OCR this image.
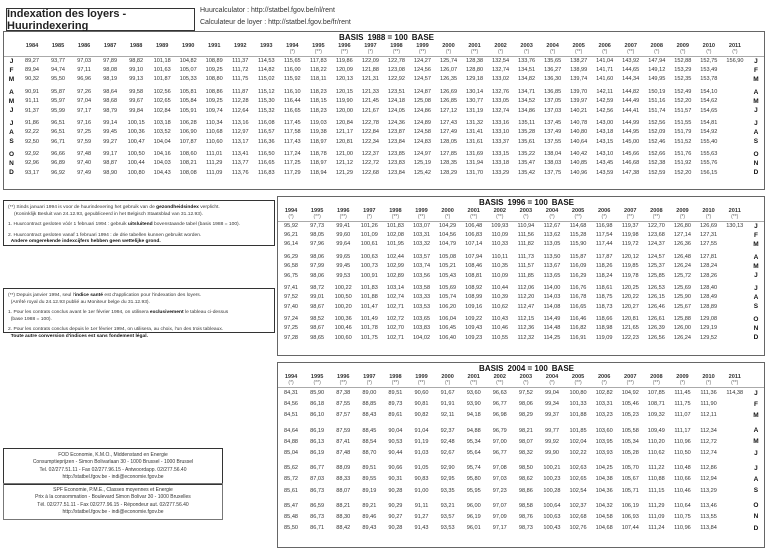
Indexation des loyers - Huurindexering
Huurcalculator : http://statbel.fgov.be/nl/rent
Calculateur de loyer : http://statbel.fgov.be/fr/rent
BASIS 1988 = 100 BASE																													
	1984	1985	1986	1987	1988	1989	1990	1991	1992	1993	1994	1995	1996	1997	1998	1999	2000	2001	2002	2003	2004	2005	2006	2007	2008	2009	2010	2011	
											(*)	(**)	(**)	(*)	(**)	(**)	(*)	(**)	(*)	(*)	(*)	(**)	(*)	(**)	(*)	(*)	(*)	(*)	

J	89,27	93,77	97,03	97,89	98,82	101,18	104,82	108,89	111,37	114,53	115,65	117,83	119,86	122,09	122,78	124,27	125,74	128,38	132,54	133,76	135,65	138,27	141,04	143,92	147,94	152,88	152,75	156,90	J
F	89,94	94,74	97,11	98,08	99,10	101,63	105,07	109,25	111,72	114,82	116,00	118,22	120,09	121,88	123,08	124,56	126,07	128,80	132,74	134,51	136,27	138,99	141,71	144,65	149,12	153,29	153,49		F
M	90,32	95,50	96,96	98,19	99,13	101,87	105,33	108,80	111,75	115,02	115,92	118,11	120,13	121,31	122,92	124,57	126,35	129,18	133,02	134,82	136,30	139,74	141,60	144,34	149,95	152,35	153,78		M

A	90,91	95,87	97,26	98,64	99,58	102,56	105,81	108,86	111,87	115,12	116,10	118,23	120,15	121,33	123,51	124,87	126,69	130,14	132,76	134,71	136,85	139,70	142,11	144,82	150,19	152,49	154,10		A
M	91,11	95,97	97,04	98,68	99,67	102,65	105,84	109,25	112,28	115,30	116,44	118,15	119,90	121,45	124,18	125,08	126,85	130,77	133,05	134,52	137,05	139,97	142,59	144,49	151,16	152,20	154,62		M
J	91,37	95,99	97,17	98,79	99,84	102,84	105,91	109,74	112,64	115,32	116,65	118,23	120,00	121,67	124,05	124,86	127,12	131,19	132,74	134,86	137,03	140,21	142,56	144,41	151,74	151,57	154,65		J

J	91,86	96,51	97,16	99,14	100,15	103,18	106,28	110,34	113,16	116,08	117,45	119,03	120,84	122,78	124,36	124,89	127,43	131,32	133,16	135,11	137,45	140,78	143,00	144,99	152,56	151,55	154,81		J
A	92,22	96,51	97,25	99,45	100,36	103,52	106,90	110,68	112,97	116,57	117,58	119,38	121,17	122,84	123,87	124,58	127,49	131,41	133,10	135,28	137,49	140,80	143,18	144,95	152,09	151,79	154,92		A
S	92,50	96,71	97,59	99,27	100,47	104,04	107,87	110,60	113,17	116,36	117,43	118,97	120,81	122,34	123,84	124,83	128,05	131,61	133,37	135,61	137,55	140,64	143,15	145,00	152,46	151,52	155,40		S

O	92,92	96,66	97,48	99,17	100,50	104,16	108,60	111,01	113,41	116,50	117,24	118,78	121,00	122,37	123,85	124,97	127,85	131,69	133,15	135,22	138,04	140,42	143,10	145,66	152,66	151,76	155,63		O
N	92,96	96,89	97,40	98,87	100,44	104,03	108,21	111,29	113,77	116,65	117,25	118,97	121,12	122,72	123,83	125,19	128,35	131,94	133,18	135,47	138,03	140,85	143,45	146,68	152,38	151,92	155,76		N
D	93,17	96,92	97,49	98,90	100,80	104,43	108,08	111,09	113,76	116,83	117,29	118,94	121,29	122,68	123,84	125,42	128,29	131,70	133,29	135,42	137,75	140,96	143,59	147,38	152,59	152,20	156,15		D
BASIS 1996 = 100 BASE																		
1994	1995	1996	1997	1998	1999	2000	2001	2002	2003	2004	2005	2006	2007	2008	2009	2010	2011	
(*)	(**)	(**)	(*)	(**)	(**)	(*)	(**)	(**)	(*)	(*)	(**)	(*)	(**)	(**)	(*)	(*)	(**)	

95,92	97,73	99,41	101,26	101,83	103,07	104,29	106,48	109,93	110,94	112,67	114,68	116,98	119,37	122,70	126,80	126,69	130,13	J
96,21	98,05	99,60	101,09	102,08	103,31	104,56	106,83	110,09	111,56	113,62	115,28	117,54	119,98	123,68	127,14	127,31		F
96,14	97,96	99,64	100,61	101,95	103,32	104,79	107,14	110,33	111,82	113,05	115,90	117,44	119,72	124,37	126,36	127,55		M

96,29	98,06	99,65	100,63	102,44	103,57	105,08	107,94	110,11	111,73	113,50	115,87	117,87	120,12	124,57	126,48	127,81		A
96,58	97,99	99,45	100,73	102,99	103,74	105,21	108,46	110,35	111,57	113,67	116,09	118,26	119,85	125,37	126,24	128,24		M
96,75	98,06	99,53	100,91	102,89	103,56	105,43	108,81	110,09	111,85	113,65	116,29	118,24	119,78	125,85	125,72	128,26		J

97,41	98,72	100,22	101,83	103,14	103,58	105,69	108,92	110,44	112,06	114,00	116,76	118,61	120,25	126,53	125,69	128,40		J
97,52	99,01	100,50	101,88	102,74	103,33	105,74	108,99	110,39	112,20	114,03	116,78	118,75	120,22	126,15	125,90	128,49		A
97,40	98,67	100,20	101,47	102,71	103,53	106,20	109,16	110,62	112,47	114,08	116,65	118,73	120,27	126,46	125,67	128,89		S

97,24	98,52	100,36	101,49	102,72	103,65	106,04	109,22	110,43	112,15	114,49	116,46	118,66	120,81	126,61	125,88	129,08		O
97,25	98,67	100,46	101,78	102,70	103,83	106,45	109,43	110,46	112,36	114,48	116,82	118,98	121,65	126,39	126,00	129,19		N
97,28	98,65	100,60	101,75	102,71	104,02	106,40	109,23	110,55	112,32	114,25	116,91	119,09	122,23	126,56	126,24	129,52		D
BASIS 2004 = 100 BASE																		
1994	1995	1996	1997	1998	1999	2000	2001	2002	2003	2004	2005	2006	2007	2008	2009	2010	2011	
(*)	(**)	(**)	(*)	(**)	(**)	(*)	(**)	(**)	(*)	(*)	(**)	(*)	(**)	(**)	(*)	(*)	(**)	

84,31	85,90	87,38	89,00	89,51	90,60	91,67	93,60	96,63	97,52	99,04	100,80	102,82	104,92	107,85	111,45	111,36	114,38	J
84,56	86,18	87,55	88,85	89,73	90,81	91,91	93,90	96,77	98,06	99,34	101,33	103,31	105,46	108,71	111,75	111,90		F
84,51	86,10	87,57	88,43	89,61	90,82	92,11	94,18	96,98	98,29	99,37	101,88	103,23	105,23	109,32	111,07	112,11		M

84,64	86,19	87,59	88,45	90,04	91,04	92,37	94,88	96,79	98,21	99,77	101,85	103,60	105,58	109,49	111,17	112,34		A
84,88	86,13	87,41	88,54	90,53	91,19	92,48	95,34	97,00	98,07	99,92	102,04	103,95	105,34	110,20	110,96	112,72		M
85,04	86,19	87,48	88,70	90,44	91,03	92,67	95,64	96,77	98,32	99,90	102,22	103,93	105,28	110,62	110,50	112,74		J

85,62	86,77	88,09	89,51	90,66	91,05	92,90	95,74	97,08	98,50	100,21	102,63	104,25	105,70	111,22	110,48	112,86		J
85,72	87,03	88,33	89,55	90,31	90,83	92,95	95,80	97,03	98,62	100,23	102,65	104,38	105,67	110,88	110,66	112,94		A
85,61	86,73	88,07	89,19	90,28	91,00	93,35	95,95	97,23	98,86	100,28	102,54	104,36	105,71	111,15	110,46	113,29		S

85,47	86,59	88,21	89,21	90,29	91,11	93,21	96,00	97,07	98,58	100,64	102,37	104,32	106,19	111,29	110,64	113,46		O
85,48	86,73	88,30	89,46	90,27	91,27	93,57	96,19	97,09	98,76	100,63	102,68	104,58	106,93	111,09	110,75	113,55		N
85,50	86,71	88,42	89,43	90,28	91,43	93,53	96,01	97,17	98,73	100,43	102,76	104,68	107,44	111,24	110,96	113,84		D

(**) Sinds januari 1994 is voor de huurindexering het gebruik van de gezondheidsindex verplicht.
(Koninklijk Besluit van 24.12.93, gepubliceerd in het Belgisch Staatsblad van 31.12.93).

1. Huurcontract gesloten vóór 1 februari 1994 : gebruik uitsluitend bovenstaande tabel (basis 1988 = 100).

2. Huurcontract gesloten vanaf 1 februari 1994 : de drie tabellen kunnen gebruikt worden.
Andere omgerekende indexcijfers hebben geen wettelijke grond.

(**) Depuis janvier 1994, seul l'indice santé est d'application pour l'indexation des loyers.
(Arrêté royal du 24.12.93 publié au Moniteur belge du 31.12.93).

1. Pour les contrats conclus avant le 1er février 1994, on utilisera exclusivement le tableau ci-dessus
(base 1988 = 100).

2. Pour les contrats conclus depuis le 1er février 1994, on utilisera, au choix, l'un des trois tableaux.
Toute autre conversion d'indices est sans fondement légal.

FOD Economie, K.M.O., Middenstand en Energie
Consumptieprijzen - Simon Bolivarlaan 30 - 1000 Brussel - 1000 Brussel
Tel. 02/277.51.11 - Fax 02/277.96.15 - Antwoordapp. 02/277.56.40
http://statbel.fgov.be - indi@economie.fgov.be
SPF Economie, P.M.E., Classes moyennes et Energie
Prix à la consommation - Boulevard Simon Bolivar 30 - 1000 Bruxelles
Tél. 02/277.51.11 - Fax 02/277.96.15 - Répondeur aut. 02/277.56.40
http://statbel.fgov.be - indi@economie.fgov.be
